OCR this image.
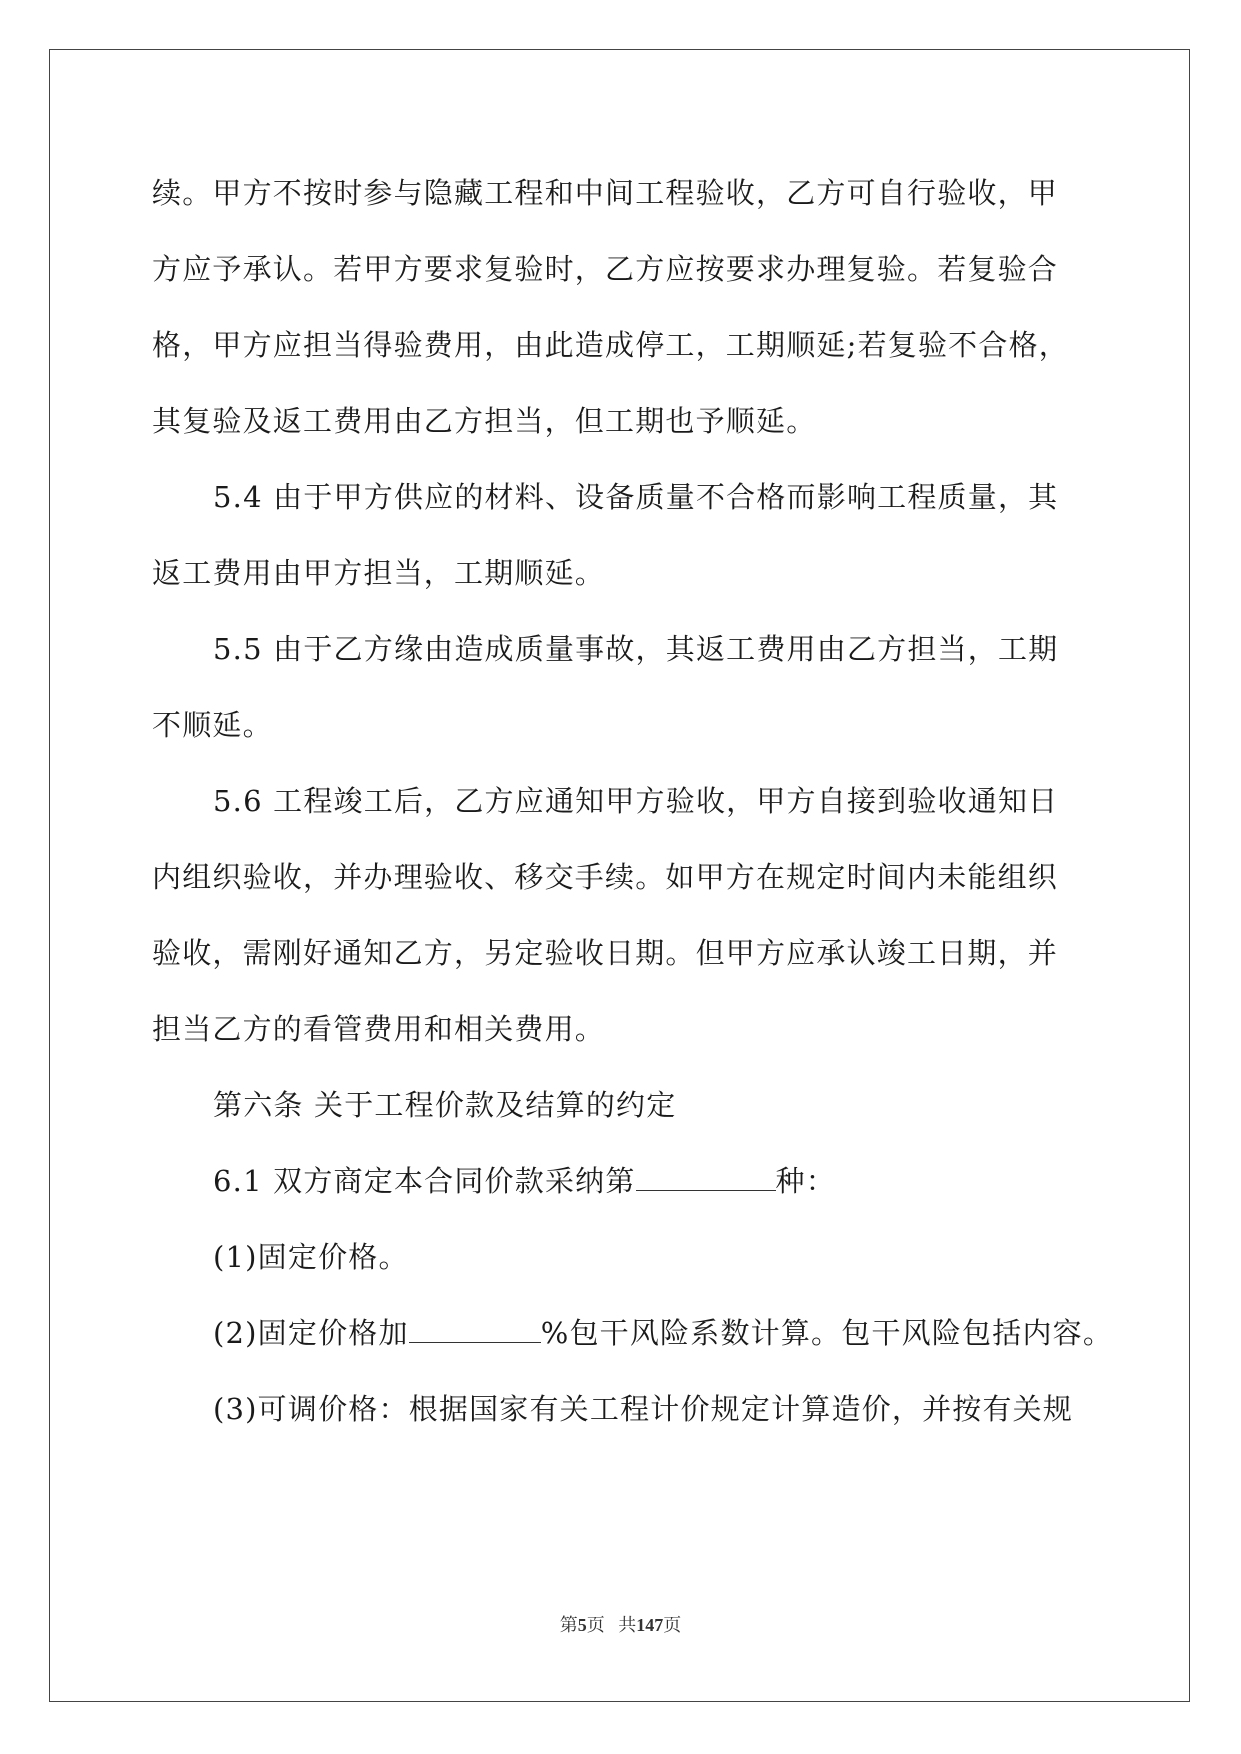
续。甲方不按时参与隐藏工程和中间工程验收，乙方可自行验收，甲

方应予承认。若甲方要求复验时，乙方应按要求办理复验。若复验合

格，甲方应担当得验费用，由此造成停工，工期顺延;若复验不合格，

其复验及返工费用由乙方担当，但工期也予顺延。

5.4 由于甲方供应的材料、设备质量不合格而影响工程质量，其

返工费用由甲方担当，工期顺延。

5.5 由于乙方缘由造成质量事故，其返工费用由乙方担当，工期

不顺延。

5.6 工程竣工后，乙方应通知甲方验收，甲方自接到验收通知日

内组织验收，并办理验收、移交手续。如甲方在规定时间内未能组织

验收，需刚好通知乙方，另定验收日期。但甲方应承认竣工日期，并

担当乙方的看管费用和相关费用。

第六条 关于工程价款及结算的约定

6.1 双方商定本合同价款采纳第	种：

(1)固定价格。

(2)固定价格加	%包干风险系数计算。包干风险包括内容。

(3)可调价格：根据国家有关工程计价规定计算造价，并按有关规

第5页 共147页
